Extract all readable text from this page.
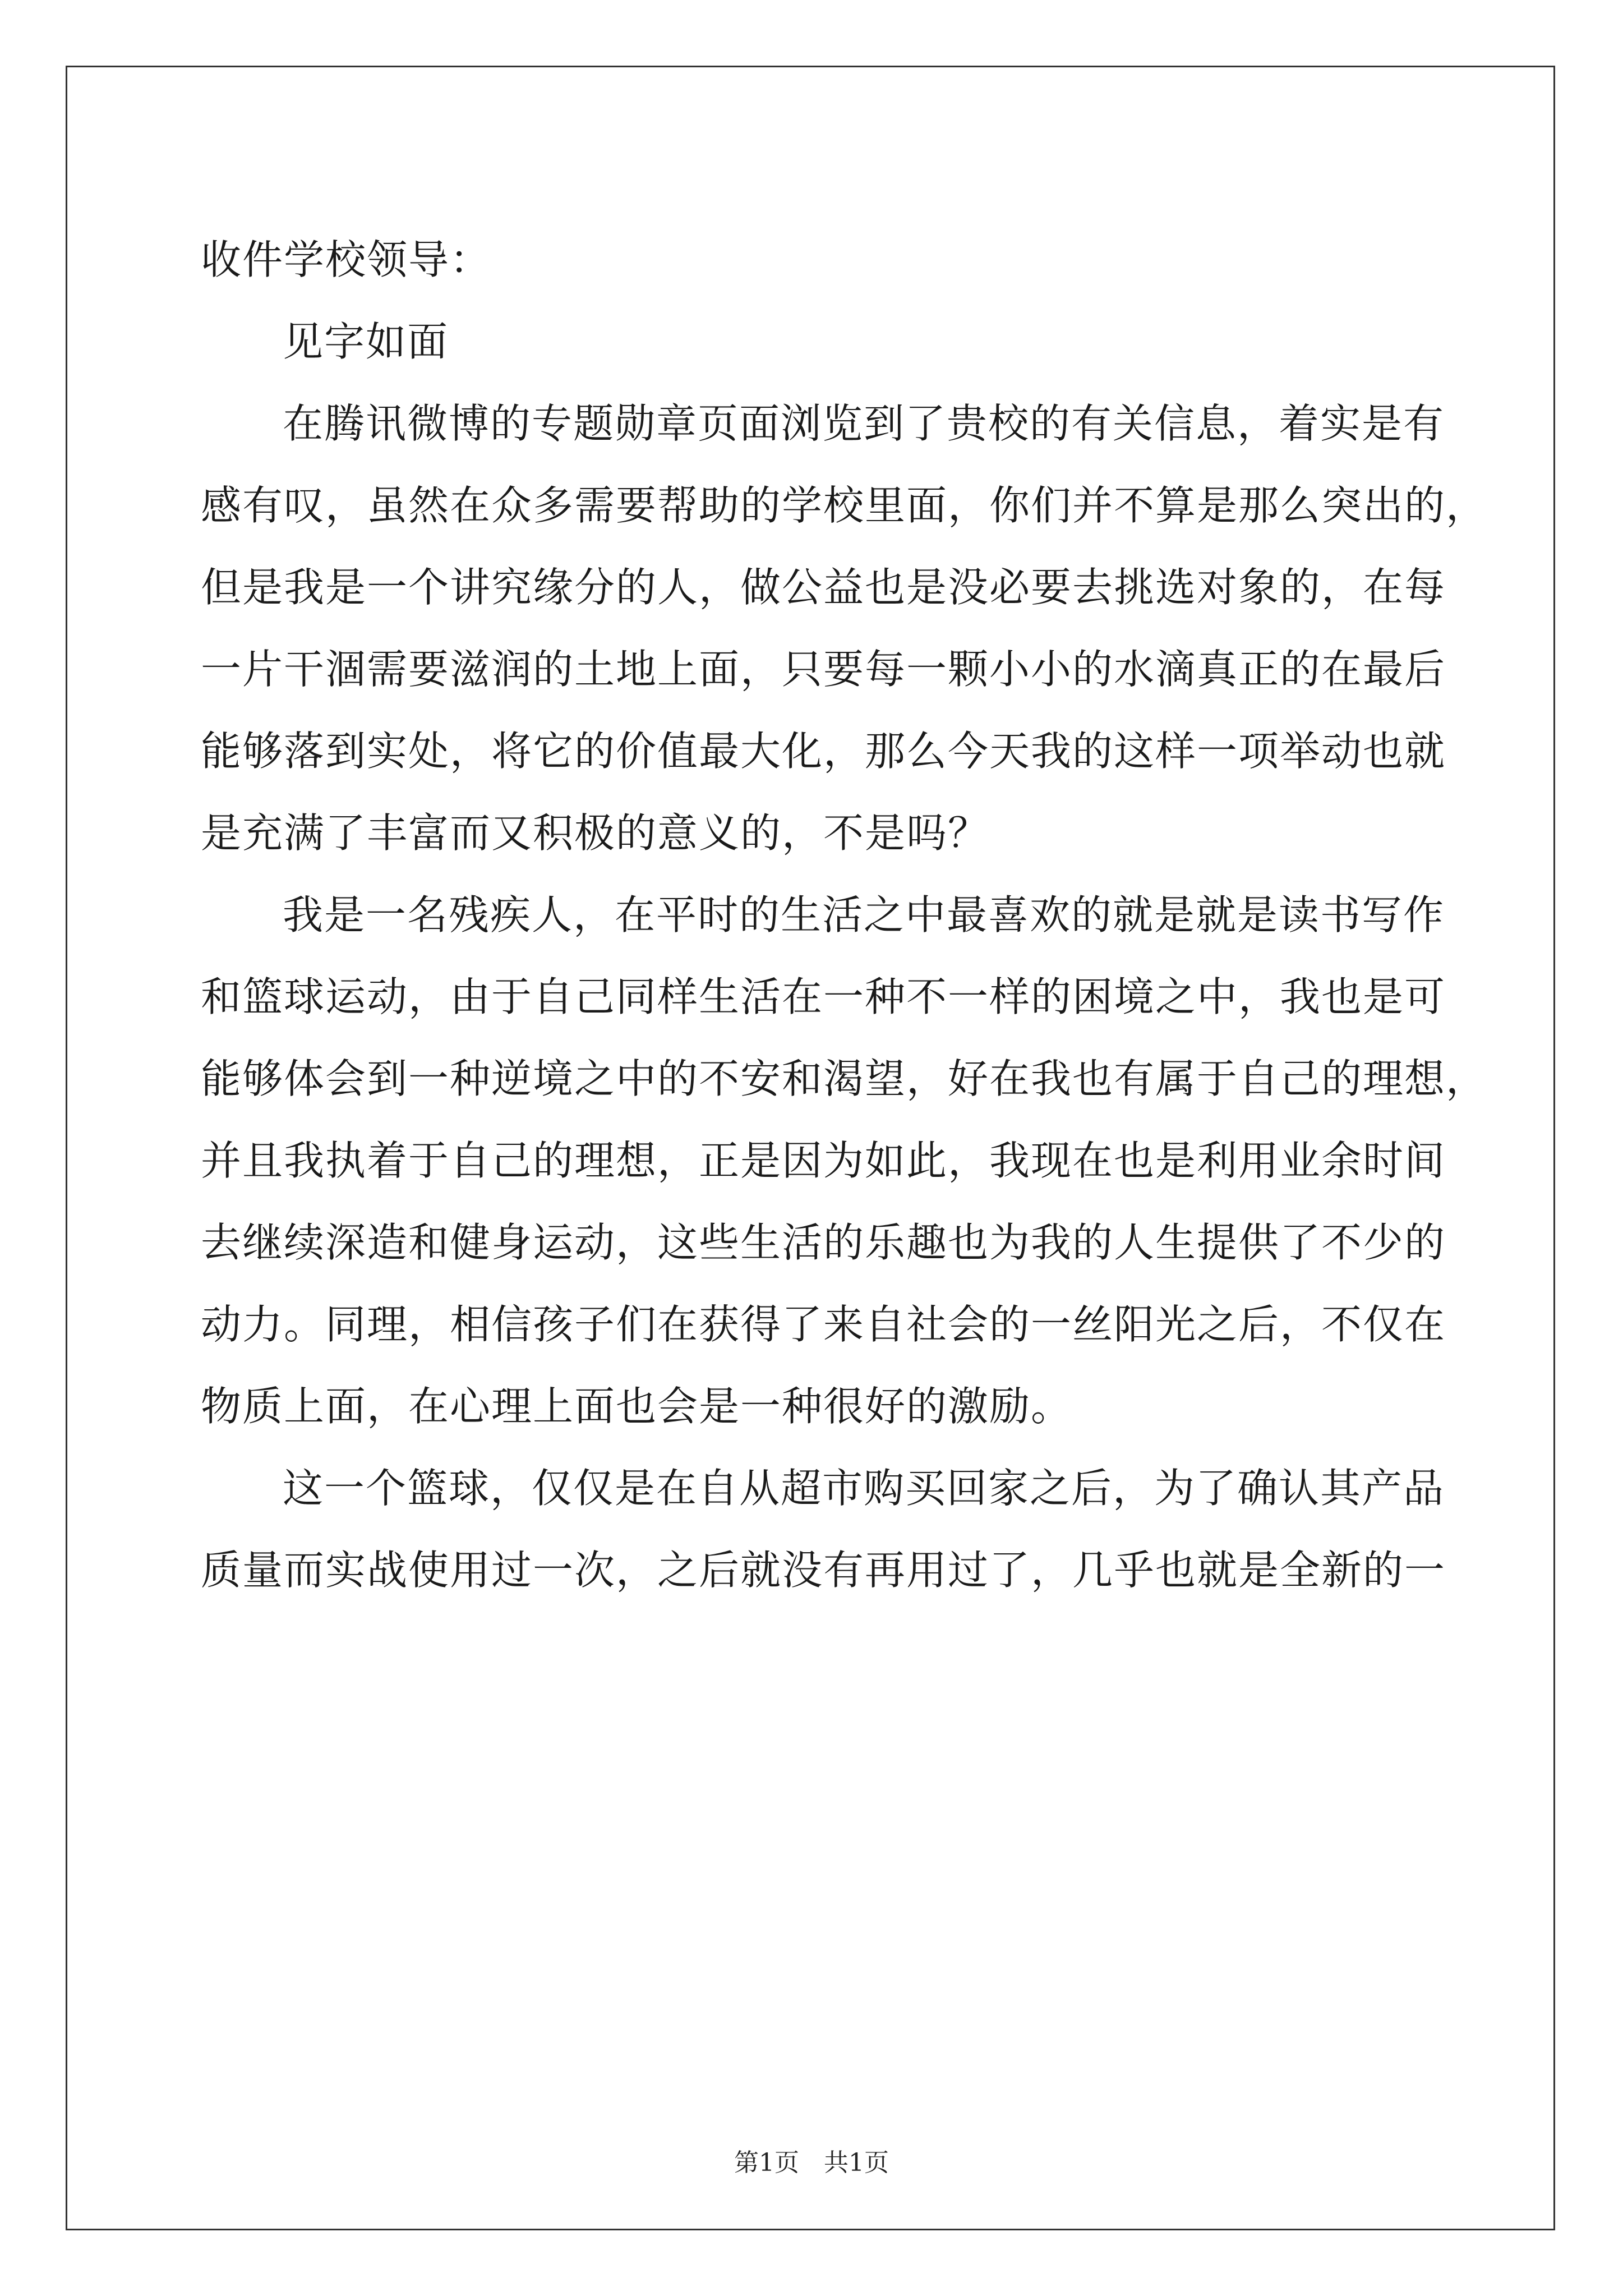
收件学校领导：
见字如面
在腾讯微博的专题勋章页面浏览到了贵校的有关信息，着实是有
感有叹，虽然在众多需要帮助的学校里面，你们并不算是那么突出的，
但是我是一个讲究缘分的人，做公益也是没必要去挑选对象的，在每
一片干涸需要滋润的土地上面，只要每一颗小小的水滴真正的在最后
能够落到实处，将它的价值最大化，那么今天我的这样一项举动也就
是充满了丰富而又积极的意义的，不是吗？
我是一名残疾人，在平时的生活之中最喜欢的就是就是读书写作
和篮球运动，由于自己同样生活在一种不一样的困境之中，我也是可
能够体会到一种逆境之中的不安和渴望，好在我也有属于自己的理想，
并且我执着于自己的理想，正是因为如此，我现在也是利用业余时间
去继续深造和健身运动，这些生活的乐趣也为我的人生提供了不少的
动力。同理，相信孩子们在获得了来自社会的一丝阳光之后，不仅在
物质上面，在心理上面也会是一种很好的激励。
这一个篮球，仅仅是在自从超市购买回家之后，为了确认其产品
质量而实战使用过一次，之后就没有再用过了，几乎也就是全新的一
第1页　共1页
